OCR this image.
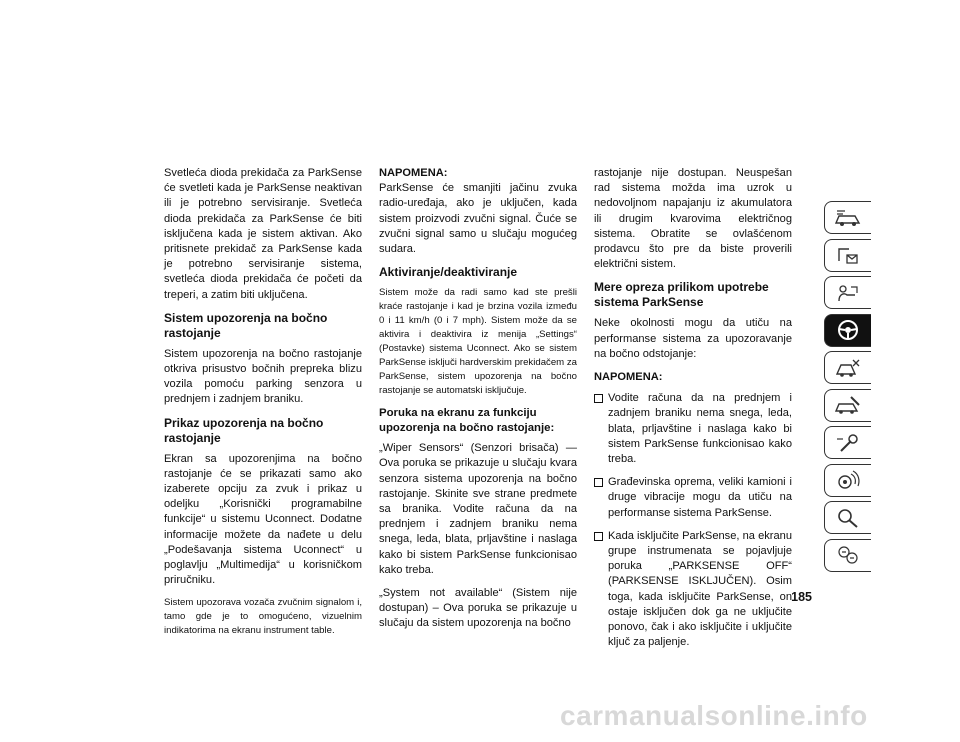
Svetleća dioda prekidača za ParkSense će svetleti kada je ParkSense neaktivan ili je potrebno servisiranje. Svetleća dioda prekidača za ParkSense će biti isključena kada je sistem aktivan. Ako pritisnete prekidač za ParkSense kada je potrebno servisiranje sistema, svetleća dioda prekidača će početi da treperi, a zatim biti uključena.

Sistem upozorenja na bočno rastojanje

Sistem upozorenja na bočno rastojanje otkriva prisustvo bočnih prepreka blizu vozila pomoću parking senzora u prednjem i zadnjem braniku.

Prikaz upozorenja na bočno rastojanje

Ekran sa upozorenjima na bočno rastojanje će se prikazati samo ako izaberete opciju za zvuk i prikaz u odeljku „Korisnički programabilne funkcije“ u sistemu Uconnect. Dodatne informacije možete da nađete u delu „Podešavanja sistema Uconnect“ u poglavlju „Multimedija“ u korisničkom priručniku.

Sistem upozorava vozača zvučnim signalom i, tamo gde je to omogućeno, vizuelnim indikatorima na ekranu instrument table.

NAPOMENA:

ParkSense će smanjiti jačinu zvuka radio-uređaja, ako je uključen, kada sistem proizvodi zvučni signal. Čuće se zvučni signal samo u slučaju mogućeg sudara.

Aktiviranje/deaktiviranje

Sistem može da radi samo kad ste prešli kraće rastojanje i kad je brzina vozila između 0 i 11 km/h (0 i 7 mph). Sistem može da se aktivira i deaktivira iz menija „Settings“ (Postavke) sistema Uconnect. Ako se sistem ParkSense isključi hardverskim prekidačem za ParkSense, sistem upozorenja na bočno rastojanje se automatski isključuje.

Poruka na ekranu za funkciju upozorenja na bočno rastojanje:

„Wiper Sensors“ (Senzori brisača) — Ova poruka se prikazuje u slučaju kvara senzora sistema upozorenja na bočno rastojanje. Skinite sve strane predmete sa branika. Vodite računa da na prednjem i zadnjem braniku nema snega, leda, blata, prljavštine i naslaga kako bi sistem ParkSense funkcionisao kako treba.

„System not available“ (Sistem nije dostupan) – Ova poruka se prikazuje u slučaju da sistem upozorenja na bočno

rastojanje nije dostupan. Neuspešan rad sistema možda ima uzrok u nedovoljnom napajanju iz akumulatora ili drugim kvarovima električnog sistema. Obratite se ovlašćenom prodavcu što pre da biste proverili električni sistem.

Mere opreza prilikom upotrebe sistema ParkSense

Neke okolnosti mogu da utiču na performanse sistema za upozoravanje na bočno odstojanje:

NAPOMENA:

Vodite računa da na prednjem i zadnjem braniku nema snega, leda, blata, prljavštine i naslaga kako bi sistem ParkSense funkcionisao kako treba.
Građevinska oprema, veliki kamioni i druge vibracije mogu da utiču na performanse sistema ParkSense.
Kada isključite ParkSense, na ekranu grupe instrumenata se pojavljuje poruka „PARKSENSE OFF“ (PARKSENSE ISKLJUČEN). Osim toga, kada isključite ParkSense, on ostaje isključen dok ga ne uključite ponovo, čak i ako isključite i uključite ključ za paljenje.
185
carmanualsonline.info
